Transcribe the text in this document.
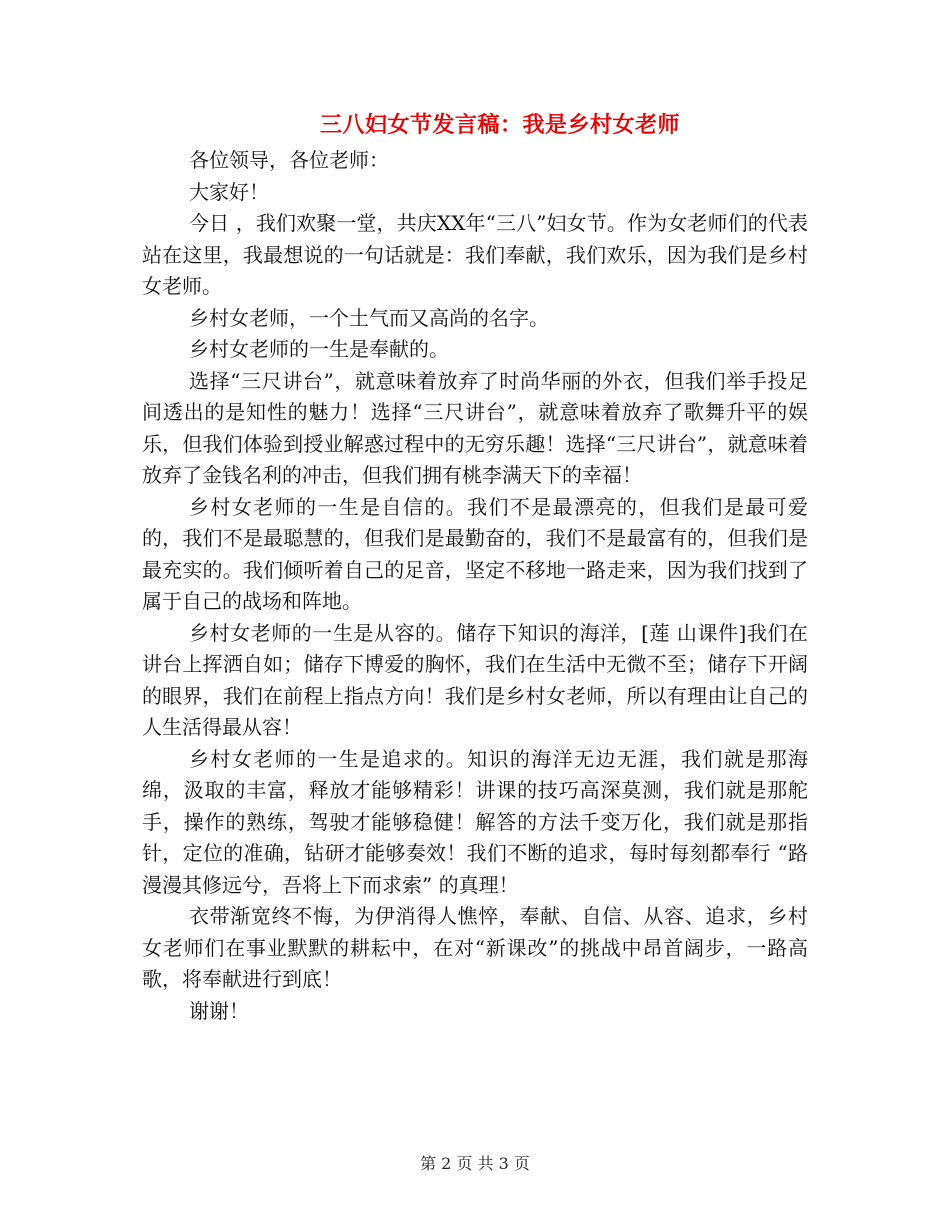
三八妇女节发言稿：我是乡村女老师

各位领导，各位老师：

大家好！

今日 ，我们欢聚一堂，共庆XX年“三八”妇女节。作为女老师们的代表站在这里，我最想说的一句话就是：我们奉献，我们欢乐，因为我们是乡村女老师。

乡村女老师，一个土气而又高尚的名字。

乡村女老师的一生是奉献的。

选择“三尺讲台”，就意味着放弃了时尚华丽的外衣，但我们举手投足间透出的是知性的魅力！选择“三尺讲台”，就意味着放弃了歌舞升平的娱乐，但我们体验到授业解惑过程中的无穷乐趣！选择“三尺讲台”，就意味着放弃了金钱名利的冲击，但我们拥有桃李满天下的幸福！

乡村女老师的一生是自信的。我们不是最漂亮的，但我们是最可爱的，我们不是最聪慧的，但我们是最勤奋的，我们不是最富有的，但我们是最充实的。我们倾听着自己的足音，坚定不移地一路走来，因为我们找到了属于自己的战场和阵地。

乡村女老师的一生是从容的。储存下知识的海洋，[莲 山课件]我们在讲台上挥洒自如；储存下博爱的胸怀，我们在生活中无微不至；储存下开阔的眼界，我们在前程上指点方向！我们是乡村女老师，所以有理由让自己的人生活得最从容！

乡村女老师的一生是追求的。知识的海洋无边无涯，我们就是那海绵，汲取的丰富，释放才能够精彩！讲课的技巧高深莫测，我们就是那舵手，操作的熟练，驾驶才能够稳健！解答的方法千变万化，我们就是那指针，定位的准确，钻研才能够奏效！我们不断的追求，每时每刻都奉行 “路漫漫其修远兮，吾将上下而求索” 的真理！

衣带渐宽终不悔，为伊消得人憔悴，奉献、自信、从容、追求，乡村女老师们在事业默默的耕耘中，在对“新课改”的挑战中昂首阔步，一路高歌，将奉献进行到底！

谢谢！

第 2 页 共 3 页
